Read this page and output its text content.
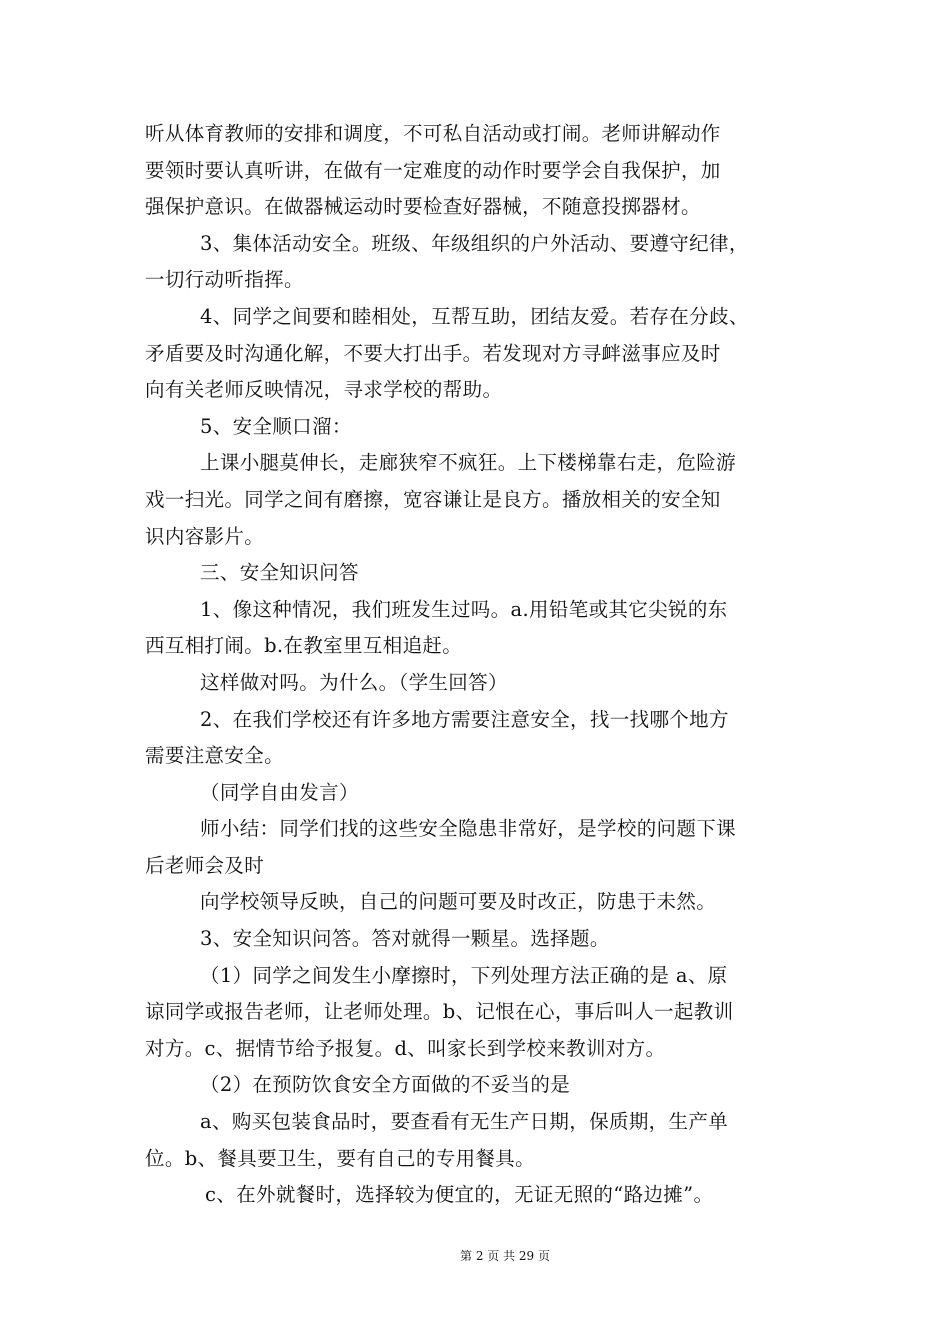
听从体育教师的安排和调度，不可私自活动或打闹。老师讲解动作
要领时要认真听讲，在做有一定难度的动作时要学会自我保护，加
强保护意识。在做器械运动时要检查好器械，不随意投掷器材。
3、集体活动安全。班级、年级组织的户外活动、要遵守纪律，
一切行动听指挥。
4、同学之间要和睦相处，互帮互助，团结友爱。若存在分歧、
矛盾要及时沟通化解，不要大打出手。若发现对方寻衅滋事应及时
向有关老师反映情况，寻求学校的帮助。
5、安全顺口溜：
上课小腿莫伸长，走廊狭窄不疯狂。上下楼梯靠右走，危险游
戏一扫光。同学之间有磨擦，宽容谦让是良方。播放相关的安全知
识内容影片。
三、安全知识问答
1、像这种情况，我们班发生过吗。a.用铅笔或其它尖锐的东
西互相打闹。b.在教室里互相追赶。
这样做对吗。为什么。（学生回答）
2、在我们学校还有许多地方需要注意安全，找一找哪个地方
需要注意安全。
（同学自由发言）
师小结：同学们找的这些安全隐患非常好，是学校的问题下课
后老师会及时
向学校领导反映，自己的问题可要及时改正，防患于未然。
3、安全知识问答。答对就得一颗星。选择题。
（1）同学之间发生小摩擦时，下列处理方法正确的是 a、原
谅同学或报告老师，让老师处理。b、记恨在心，事后叫人一起教训
对方。c、据情节给予报复。d、叫家长到学校来教训对方。
（2）在预防饮食安全方面做的不妥当的是
a、购买包装食品时，要查看有无生产日期，保质期，生产单
位。b、餐具要卫生，要有自己的专用餐具。
c、在外就餐时，选择较为便宜的，无证无照的“路边摊”。
第 2 页 共 29 页
